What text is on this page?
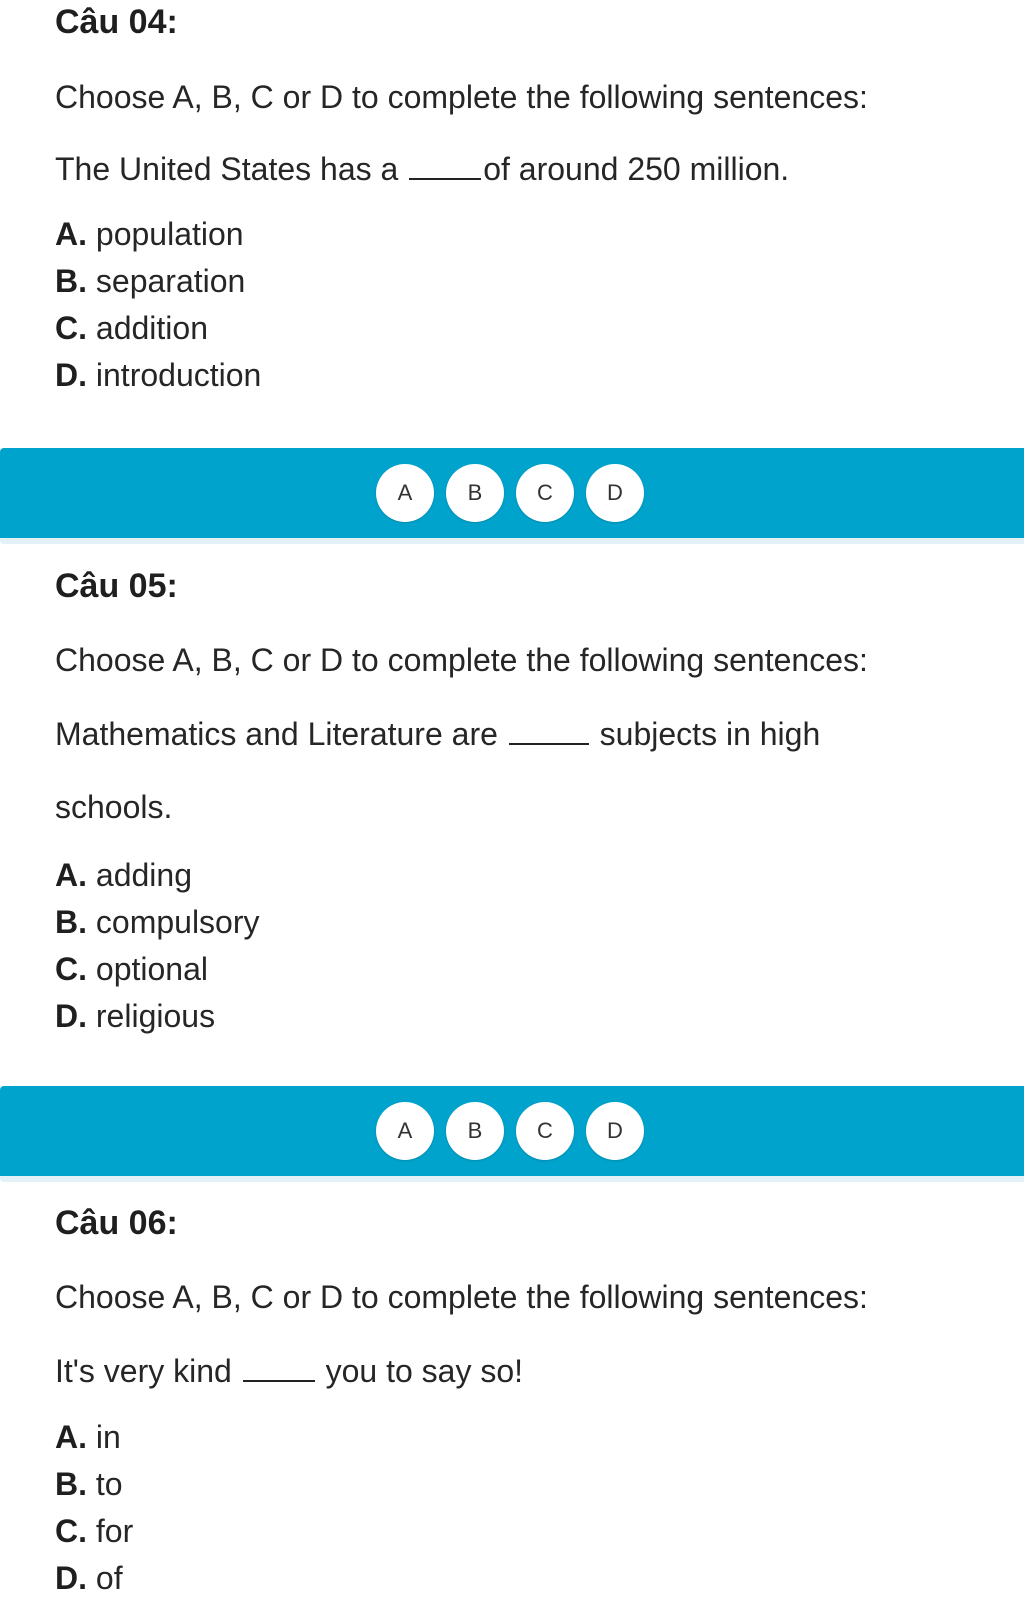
Câu 04:
Choose A, B, C or D to complete the following sentences:
The United States has a	of around 250 million.
A. population
B. separation
C. addition
D. introduction
A	B	C	D
Câu 05:
Choose A, B, C or D to complete the following sentences:
Mathematics and Literature are	subjects in high
schools.
A. adding
B. compulsory
C. optional
D. religious
A	B	C	D
Câu 06:
Choose A, B, C or D to complete the following sentences:
It's very kind	you to say so!
A. in
B. to
C. for
D. of
